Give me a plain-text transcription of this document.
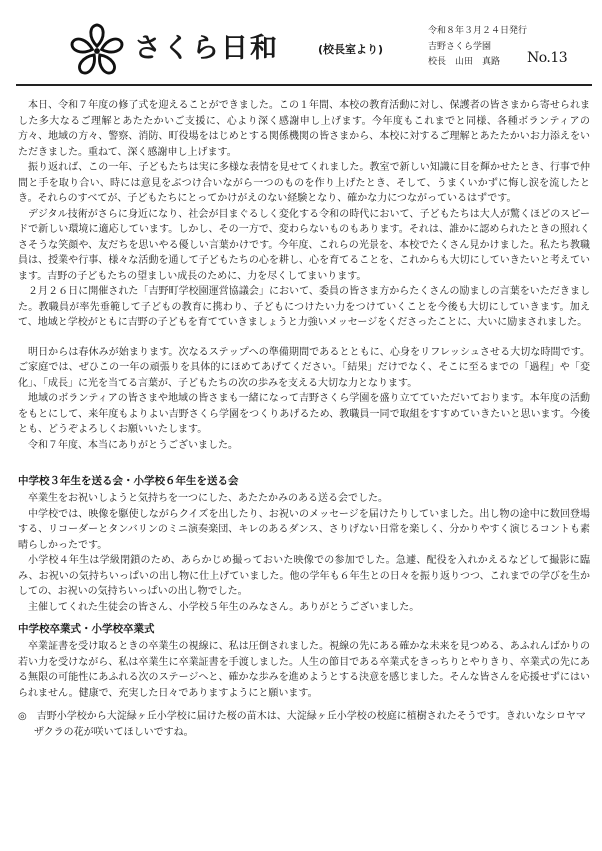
さくら日和	(校長室より)
令和８年３月２４日発行
吉野さくら学園
校長　山田　真路	No.13

本日、令和７年度の修了式を迎えることができました。この１年間、本校の教育活動に対し、保護者の皆さまから寄せられました多大なるご理解とあたたかいご支援に、心より深く感謝申し上げます。今年度もこれまでと同様、各種ボランティアの方々、地域の方々、警察、消防、町役場をはじめとする関係機関の皆さまから、本校に対するご理解とあたたかいお力添えをいただきました。重ねて、深く感謝申し上げます。

振り返れば、この一年、子どもたちは実に多様な表情を見せてくれました。教室で新しい知識に目を輝かせたとき、行事で仲間と手を取り合い、時には意見をぶつけ合いながら一つのものを作り上げたとき、そして、うまくいかずに悔し涙を流したとき。それらのすべてが、子どもたちにとってかけがえのない経験となり、確かな力につながっているはずです。

デジタル技術がさらに身近になり、社会が目まぐるしく変化する令和の時代において、子どもたちは大人が驚くほどのスピードで新しい環境に適応しています。しかし、その一方で、変わらないものもあります。それは、誰かに認められたときの照れくさそうな笑顔や、友だちを思いやる優しい言葉かけです。今年度、これらの光景を、本校でたくさん見かけました。私たち教職員は、授業や行事、様々な活動を通して子どもたちの心を耕し、心を育てることを、これからも大切にしていきたいと考えています。吉野の子どもたちの望ましい成長のために、力を尽くしてまいります。

２月２６日に開催された「吉野町学校園運営協議会」において、委員の皆さま方からたくさんの励ましの言葉をいただきました。教職員が率先垂範して子どもの教育に携わり、子どもにつけたい力をつけていくことを今後も大切にしていきます。加えて、地域と学校がともに吉野の子どもを育てていきましょうと力強いメッセージをくださったことに、大いに励まされました。

明日からは春休みが始まります。次なるステップへの準備期間であるとともに、心身をリフレッシュさせる大切な時間です。ご家庭では、ぜひこの一年の頑張りを具体的にほめてあげてください。「結果」だけでなく、そこに至るまでの「過程」や「変化」、「成長」に光を当てる言葉が、子どもたちの次の歩みを支える大切な力となります。

地域のボランティアの皆さまや地域の皆さまも一緒になって吉野さくら学園を盛り立てていただいております。本年度の活動をもとにして、来年度もよりよい吉野さくら学園をつくりあげるため、教職員一同で取組をすすめていきたいと思います。今後とも、どうぞよろしくお願いいたします。

令和７年度、本当にありがとうございました。

中学校３年生を送る会・小学校６年生を送る会

卒業生をお祝いしようと気持ちを一つにした、あたたかみのある送る会でした。

中学校では、映像を駆使しながらクイズを出したり、お祝いのメッセージを届けたりしていました。出し物の途中に数回登場する、リコーダーとタンバリンのミニ演奏楽団、キレのあるダンス、さりげない日常を楽しく、分かりやすく演じるコントも素晴らしかったです。

小学校４年生は学級閉鎖のため、あらかじめ撮っておいた映像での参加でした。急遽、配役を入れかえるなどして撮影に臨み、お祝いの気持ちいっぱいの出し物に仕上げていました。他の学年も６年生との日々を振り返りつつ、これまでの学びを生かしての、お祝いの気持ちいっぱいの出し物でした。

主催してくれた生徒会の皆さん、小学校５年生のみなさん。ありがとうございました。

中学校卒業式・小学校卒業式

卒業証書を受け取るときの卒業生の視線に、私は圧倒されました。視線の先にある確かな未来を見つめる、あふれんばかりの若い力を受けながら、私は卒業生に卒業証書を手渡しました。人生の節目である卒業式をきっちりとやりきり、卒業式の先にある無限の可能性にあふれる次のステージへと、確かな歩みを進めようとする決意を感じました。そんな皆さんを応援せずにはいられません。健康で、充実した日々でありますようにと願います。

◎　吉野小学校から大淀緑ヶ丘小学校に届けた桜の苗木は、大淀緑ヶ丘小学校の校庭に植樹されたそうです。きれいなシロヤマザクラの花が咲いてほしいですね。
